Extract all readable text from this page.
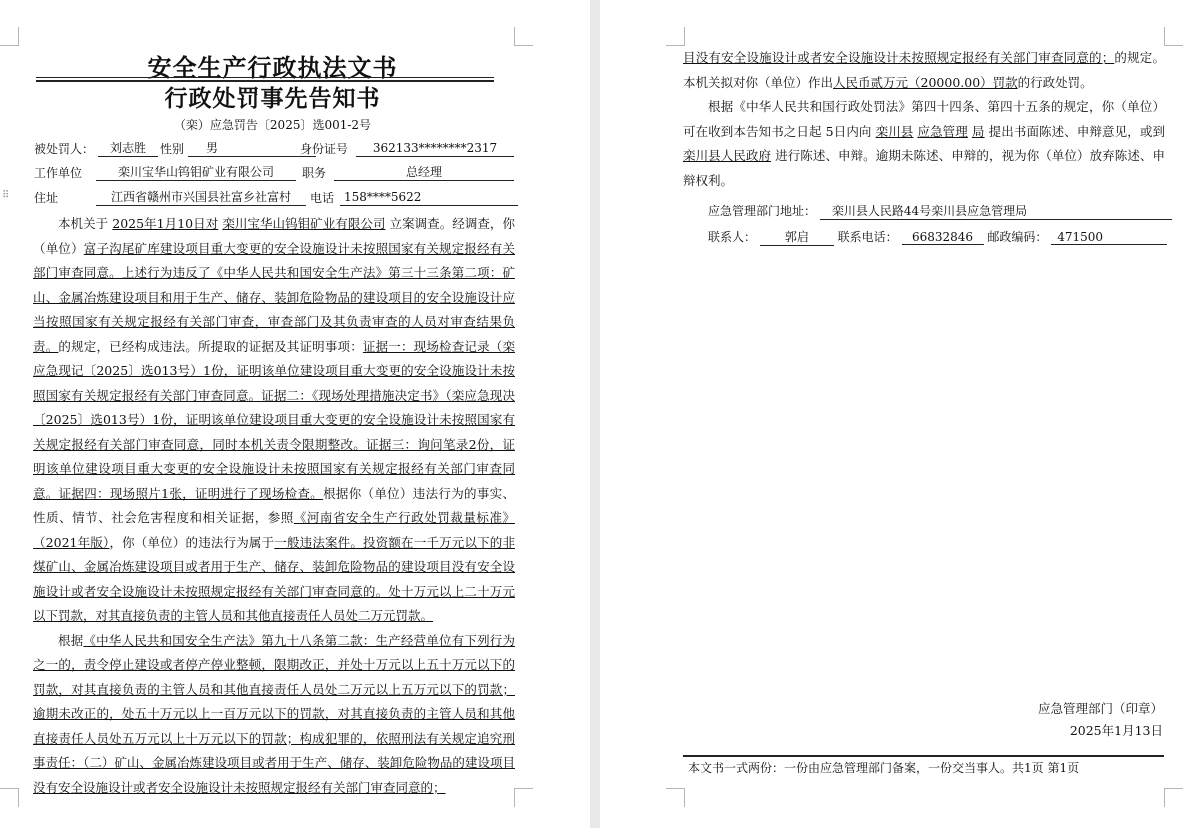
⠿
安全生产行政执法文书
行政处罚事先告知书
（栾）应急罚告〔2025〕选001-2号
被处罚人：	刘志胜	性别	男	身份证号	362133********2317
工作单位	栾川宝华山钨钼矿业有限公司	职务	总经理
住址	江西省赣州市兴国县社富乡社富村	电话 158****5622

本机关于 2025年1月10日对 栾川宝华山钨钼矿业有限公司 立案调查。经调查，你（单位）富子沟尾矿库建设项目重大变更的安全设施设计未按照国家有关规定报经有关部门审查同意。上述行为违反了《中华人民共和国安全生产法》第三十三条第二项：矿山、金属冶炼建设项目和用于生产、储存、装卸危险物品的建设项目的安全设施设计应当按照国家有关规定报经有关部门审查，审查部门及其负责审查的人员对审查结果负责。的规定，已经构成违法。所提取的证据及其证明事项：证据一：现场检查记录（栾应急现记〔2025〕选013号）1份，证明该单位建设项目重大变更的安全设施设计未按照国家有关规定报经有关部门审查同意。证据二：《现场处理措施决定书》（栾应急现决〔2025〕选013号）1份，证明该单位建设项目重大变更的安全设施设计未按照国家有关规定报经有关部门审查同意，同时本机关责令限期整改。证据三：询问笔录2份，证明该单位建设项目重大变更的安全设施设计未按照国家有关规定报经有关部门审查同意。证据四：现场照片1张，证明进行了现场检查。根据你（单位）违法行为的事实、性质、情节、社会危害程度和相关证据，参照《河南省安全生产行政处罚裁量标准》（2021年版），你（单位）的违法行为属于一般违法案件。投资额在一千万元以下的非煤矿山、金属冶炼建设项目或者用于生产、储存、装卸危险物品的建设项目没有安全设施设计或者安全设施设计未按照规定报经有关部门审查同意的。处十万元以上二十万元以下罚款，对其直接负责的主管人员和其他直接责任人员处二万元罚款。

根据《中华人民共和国安全生产法》第九十八条第二款：生产经营单位有下列行为之一的，责令停止建设或者停产停业整顿，限期改正，并处十万元以上五十万元以下的罚款，对其直接负责的主管人员和其他直接责任人员处二万元以上五万元以下的罚款；逾期未改正的，处五十万元以上一百万元以下的罚款，对其直接负责的主管人员和其他直接责任人员处五万元以上十万元以下的罚款；构成犯罪的，依照刑法有关规定追究刑事责任：（二）矿山、金属冶炼建设项目或者用于生产、储存、装卸危险物品的建设项目没有安全设施设计或者安全设施设计未按照规定报经有关部门审查同意的；

目没有安全设施设计或者安全设施设计未按照规定报经有关部门审查同意的；的规定。本机关拟对你（单位）作出人民币贰万元（20000.00）罚款的行政处罚。

根据《中华人民共和国行政处罚法》第四十四条、第四十五条的规定，你（单位）可在收到本告知书之日起 5日内向 栾川县 应急管理 局 提出书面陈述、申辩意见，或到 栾川县人民政府 进行陈述、申辩。逾期未陈述、申辩的，视为你（单位）放弃陈述、申辩权利。

应急管理部门地址： 栾川县人民路44号栾川县应急管理局
联系人： 郭启 联系电话： 66832846 邮政编码： 471500
应急管理部门（印章）
2025年1月13日
本文书一式两份：一份由应急管理部门备案，一份交当事人。共1页 第1页
